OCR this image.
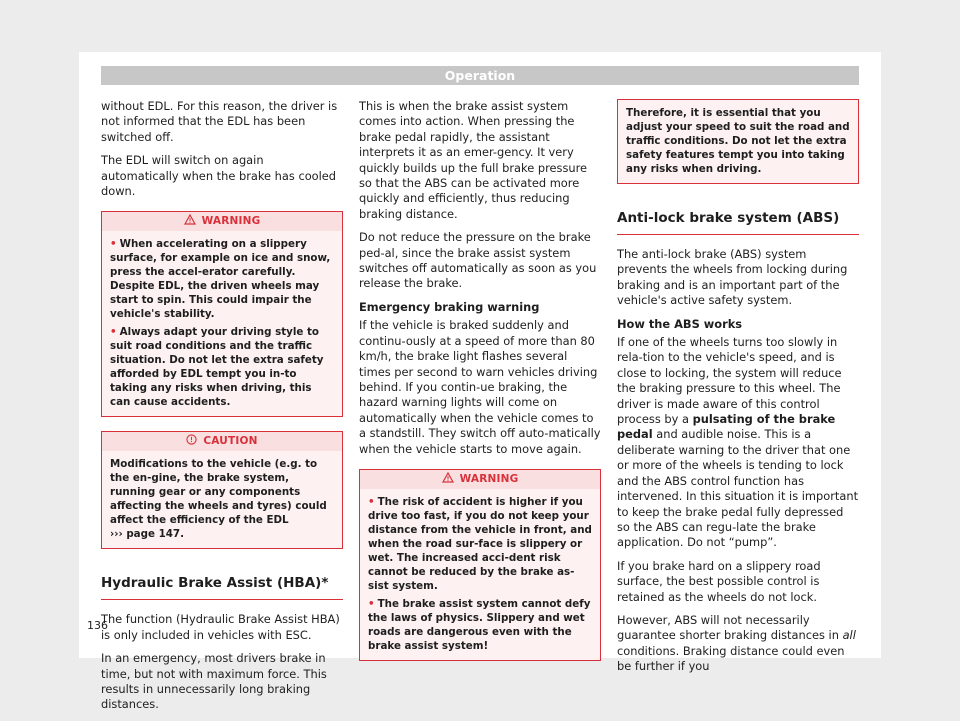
Operation

without EDL. For this reason, the driver is not informed that the EDL has been switched off.

The EDL will switch on again automatically when the brake has cooled down.

WARNING
• When accelerating on a slippery surface, for example on ice and snow, press the accel-erator carefully. Despite EDL, the driven wheels may start to spin. This could impair the vehicle's stability.
• Always adapt your driving style to suit road conditions and the traffic situation. Do not let the extra safety afforded by EDL tempt you in-to taking any risks when driving, this can cause accidents.
CAUTION
Modifications to the vehicle (e.g. to the en-gine, the brake system, running gear or any components affecting the wheels and tyres) could affect the efficiency of the EDL
››› page 147.
Hydraulic Brake Assist (HBA)*

The function (Hydraulic Brake Assist HBA) is only included in vehicles with ESC.

In an emergency, most drivers brake in time, but not with maximum force. This results in unnecessarily long braking distances.

This is when the brake assist system comes into action. When pressing the brake pedal rapidly, the assistant interprets it as an emer-gency. It very quickly builds up the full brake pressure so that the ABS can be activated more quickly and efficiently, thus reducing braking distance.

Do not reduce the pressure on the brake ped-al, since the brake assist system switches off automatically as soon as you release the brake.

Emergency braking warning

If the vehicle is braked suddenly and continu-ously at a speed of more than 80 km/h, the brake light flashes several times per second to warn vehicles driving behind. If you contin-ue braking, the hazard warning lights will come on automatically when the vehicle comes to a standstill. They switch off auto-matically when the vehicle starts to move again.

WARNING
• The risk of accident is higher if you drive too fast, if you do not keep your distance from the vehicle in front, and when the road sur-face is slippery or wet. The increased acci-dent risk cannot be reduced by the brake as-sist system.
• The brake assist system cannot defy the laws of physics. Slippery and wet roads are dangerous even with the brake assist system!
Therefore, it is essential that you adjust your speed to suit the road and traffic conditions. Do not let the extra safety features tempt you into taking any risks when driving.
Anti-lock brake system (ABS)

The anti-lock brake (ABS) system prevents the wheels from locking during braking and is an important part of the vehicle's active safety system.

How the ABS works

If one of the wheels turns too slowly in rela-tion to the vehicle's speed, and is close to locking, the system will reduce the braking pressure to this wheel. The driver is made aware of this control process by a pulsating of the brake pedal and audible noise. This is a deliberate warning to the driver that one or more of the wheels is tending to lock and the ABS control function has intervened. In this situation it is important to keep the brake pedal fully depressed so the ABS can regu-late the brake application. Do not “pump”.

If you brake hard on a slippery road surface, the best possible control is retained as the wheels do not lock.

However, ABS will not necessarily guarantee shorter braking distances in all conditions. Braking distance could even be further if you

136
